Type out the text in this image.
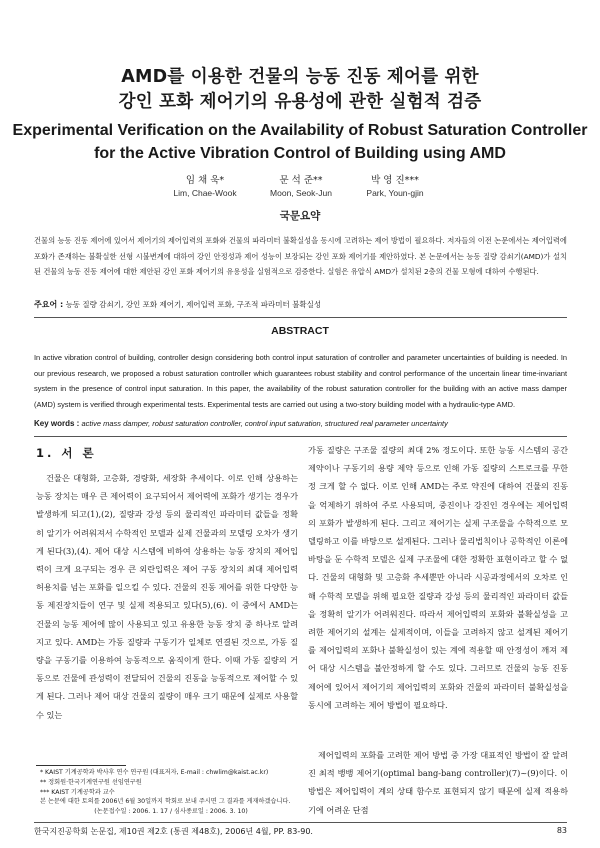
AMD를 이용한 건물의 능동 진동 제어를 위한
강인 포화 제어기의 유용성에 관한 실험적 검증
Experimental Verification on the Availability of Robust Saturation Controller
for the Active Vibration Control of Building using AMD
임 채 욱*
Lim, Chae-Wook
문 석 준**
Moon, Seok-Jun
박 영 진***
Park, Youn-gjin
국문요약
건물의 능동 진동 제어에 있어서 제어기의 제어입력의 포화와 건물의 파라미터 불확실성을 동시에 고려하는 제어 방법이 필요하다. 저자들의 이전 논문에서는 제어입력에 포화가 존재하는 불확실한 선형 시불변계에 대하여 강인 안정성과 제어 성능이 보장되는 강인 포화 제어기를 제안하였다. 본 논문에서는 능동 질량 감쇠기(AMD)가 설치된 건물의 능동 진동 제어에 대한 제안된 강인 포화 제어기의 유용성을 실험적으로 검증한다. 실험은 유압식 AMD가 설치된 2층의 건물 모형에 대하여 수행된다.
주요어 : 능동 질량 감쇠기, 강인 포화 제어기, 제어입력 포화, 구조적 파라미터 불확실성
ABSTRACT
In active vibration control of building, controller design considering both control input saturation of controller and parameter uncertainties of building is needed. In our previous research, we proposed a robust saturation controller which guarantees robust stability and control performance of the uncertain linear time-invariant system in the presence of control input saturation. In this paper, the availability of the robust saturation controller for the building with an active mass damper (AMD) system is verified through experimental tests. Experimental tests are carried out using a two-story building model with a hydraulic-type AMD.
Key words : active mass damper, robust saturation controller, control input saturation, structured real parameter uncertainty
1. 서 론
건물은 대형화, 고층화, 경량화, 세장화 추세이다. 이로 인해 상용하는 능동 장치는 매우 큰 제어력이 요구되어서 제어력에 포화가 생기는 경우가 발생하게 되고(1),(2), 질량과 강성 등의 물리적인 파라미터 값들을 정확히 알기가 어려워져서 수학적인 모델과 실제 건물과의 모델링 오차가 생기게 된다(3),(4). 제어 대상 시스템에 비하여 상용하는 능동 장치의 제어입력이 크게 요구되는 경우 큰 외란입력은 제어 구동 장치의 최대 제어입력 허용치를 넘는 포화를 일으킬 수 있다. 건물의 진동 제어를 위한 다양한 능동 제진장치들이 연구 및 실제 적용되고 있다(5),(6). 이 중에서 AMD는 건물의 능동 제어에 많이 사용되고 있고 유용한 능동 장치 중 하나로 알려지고 있다. AMD는 가동 질량과 구동기가 일체로 연결된 것으로, 가동 질량을 구동기를 이용하여 능동적으로 움직이게 한다. 이때 가동 질량의 거동으로 건물에 관성력이 전달되어 건물의 진동을 능동적으로 제어할 수 있게 된다. 그러나 제어 대상 건물의 질량이 매우 크기 때문에 실제로 사용할 수 있는
* KAIST 기계공학과 박사후 연수 연구원 (대표저자, E-mail : chwlim@kaist.ac.kr)
** 정회원·한국기계연구원 선임연구원
*** KAIST 기계공학과 교수
본 논문에 대한 토의를 2006년 6월 30일까지 학회로 보내 주시면 그 결과를 게재하겠습니다.
(논문접수일 : 2006. 1. 17 / 심사종료일 : 2006. 3. 10)
가동 질량은 구조물 질량의 최대 2% 정도이다. 또한 능동 시스템의 공간 제약이나 구동기의 용량 제약 등으로 인해 가동 질량의 스트로크를 무한정 크게 할 수 없다. 이로 인해 AMD는 주로 약진에 대하여 건물의 진동을 억제하기 위하여 주로 사용되며, 중진이나 강진인 경우에는 제어입력의 포화가 발생하게 된다. 그리고 제어기는 실제 구조물을 수학적으로 모델링하고 이를 바탕으로 설계된다. 그러나 물리법칙이나 공학적인 이론에 바탕을 둔 수학적 모델은 실제 구조물에 대한 정확한 표현이라고 할 수 없다. 건물의 대형화 및 고층화 추세뿐만 아니라 시공과정에서의 오차로 인해 수학적 모델을 위해 필요한 질량과 강성 등의 물리적인 파라미터 값들을 정확히 알기가 어려워진다. 따라서 제어입력의 포화와 불확실성을 고려한 제어기의 설계는 실제적이며, 이들을 고려하지 않고 설계된 제어기를 제어입력의 포화나 불확실성이 있는 계에 적용할 때 안정성이 깨져 제어 대상 시스템을 불안정하게 할 수도 있다. 그러므로 건물의 능동 진동 제어에 있어서 제어기의 제어입력의 포화와 건물의 파라미터 불확실성을 동시에 고려하는 제어 방법이 필요하다.
제어입력의 포화를 고려한 제어 방법 중 가장 대표적인 방법이 잘 알려진 최적 뱅뱅 제어기(optimal bang-bang controller)(7)~(9)이다. 이 방법은 제어입력이 계의 상태 함수로 표현되지 않기 때문에 실제 적용하기에 어려운 단점
한국지진공학회 논문집, 제10권 제2호 (통권 제48호), 2006년 4월, PP. 83-90.	83
